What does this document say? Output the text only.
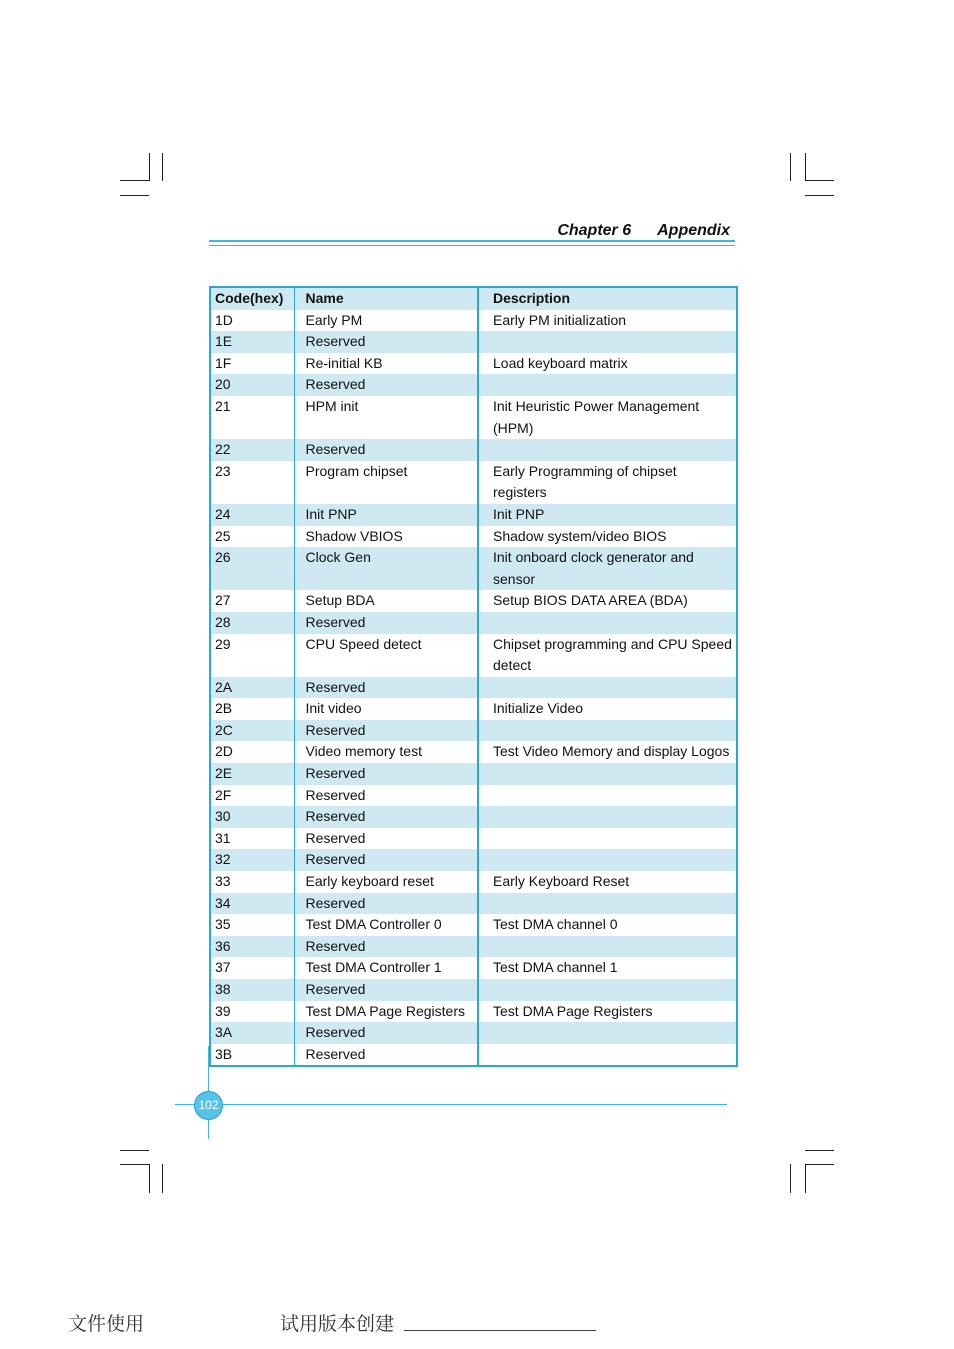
Chapter 6 Appendix
Code(hex)	Name	Description
1D	Early PM	Early PM initialization
1E	Reserved	
1F	Re-initial KB	Load keyboard matrix
20	Reserved	
21	HPM init	Init Heuristic Power Management (HPM)
22	Reserved	
23	Program chipset	Early Programming of chipset registers
24	Init PNP	Init PNP
25	Shadow VBIOS	Shadow system/video BIOS
26	Clock Gen	Init onboard clock generator and sensor
27	Setup BDA	Setup BIOS DATA AREA (BDA)
28	Reserved	
29	CPU Speed detect	Chipset programming and CPU Speed detect
2A	Reserved	
2B	Init video	Initialize Video
2C	Reserved	
2D	Video memory test	Test Video Memory and display Logos
2E	Reserved	
2F	Reserved	
30	Reserved	
31	Reserved	
32	Reserved	
33	Early keyboard reset	Early Keyboard Reset
34	Reserved	
35	Test DMA Controller 0	Test DMA channel 0
36	Reserved	
37	Test DMA Controller 1	Test DMA channel 1
38	Reserved	
39	Test DMA Page Registers	Test DMA Page Registers
3A	Reserved	
3B	Reserved	
102
文件使用	试用版本创建
